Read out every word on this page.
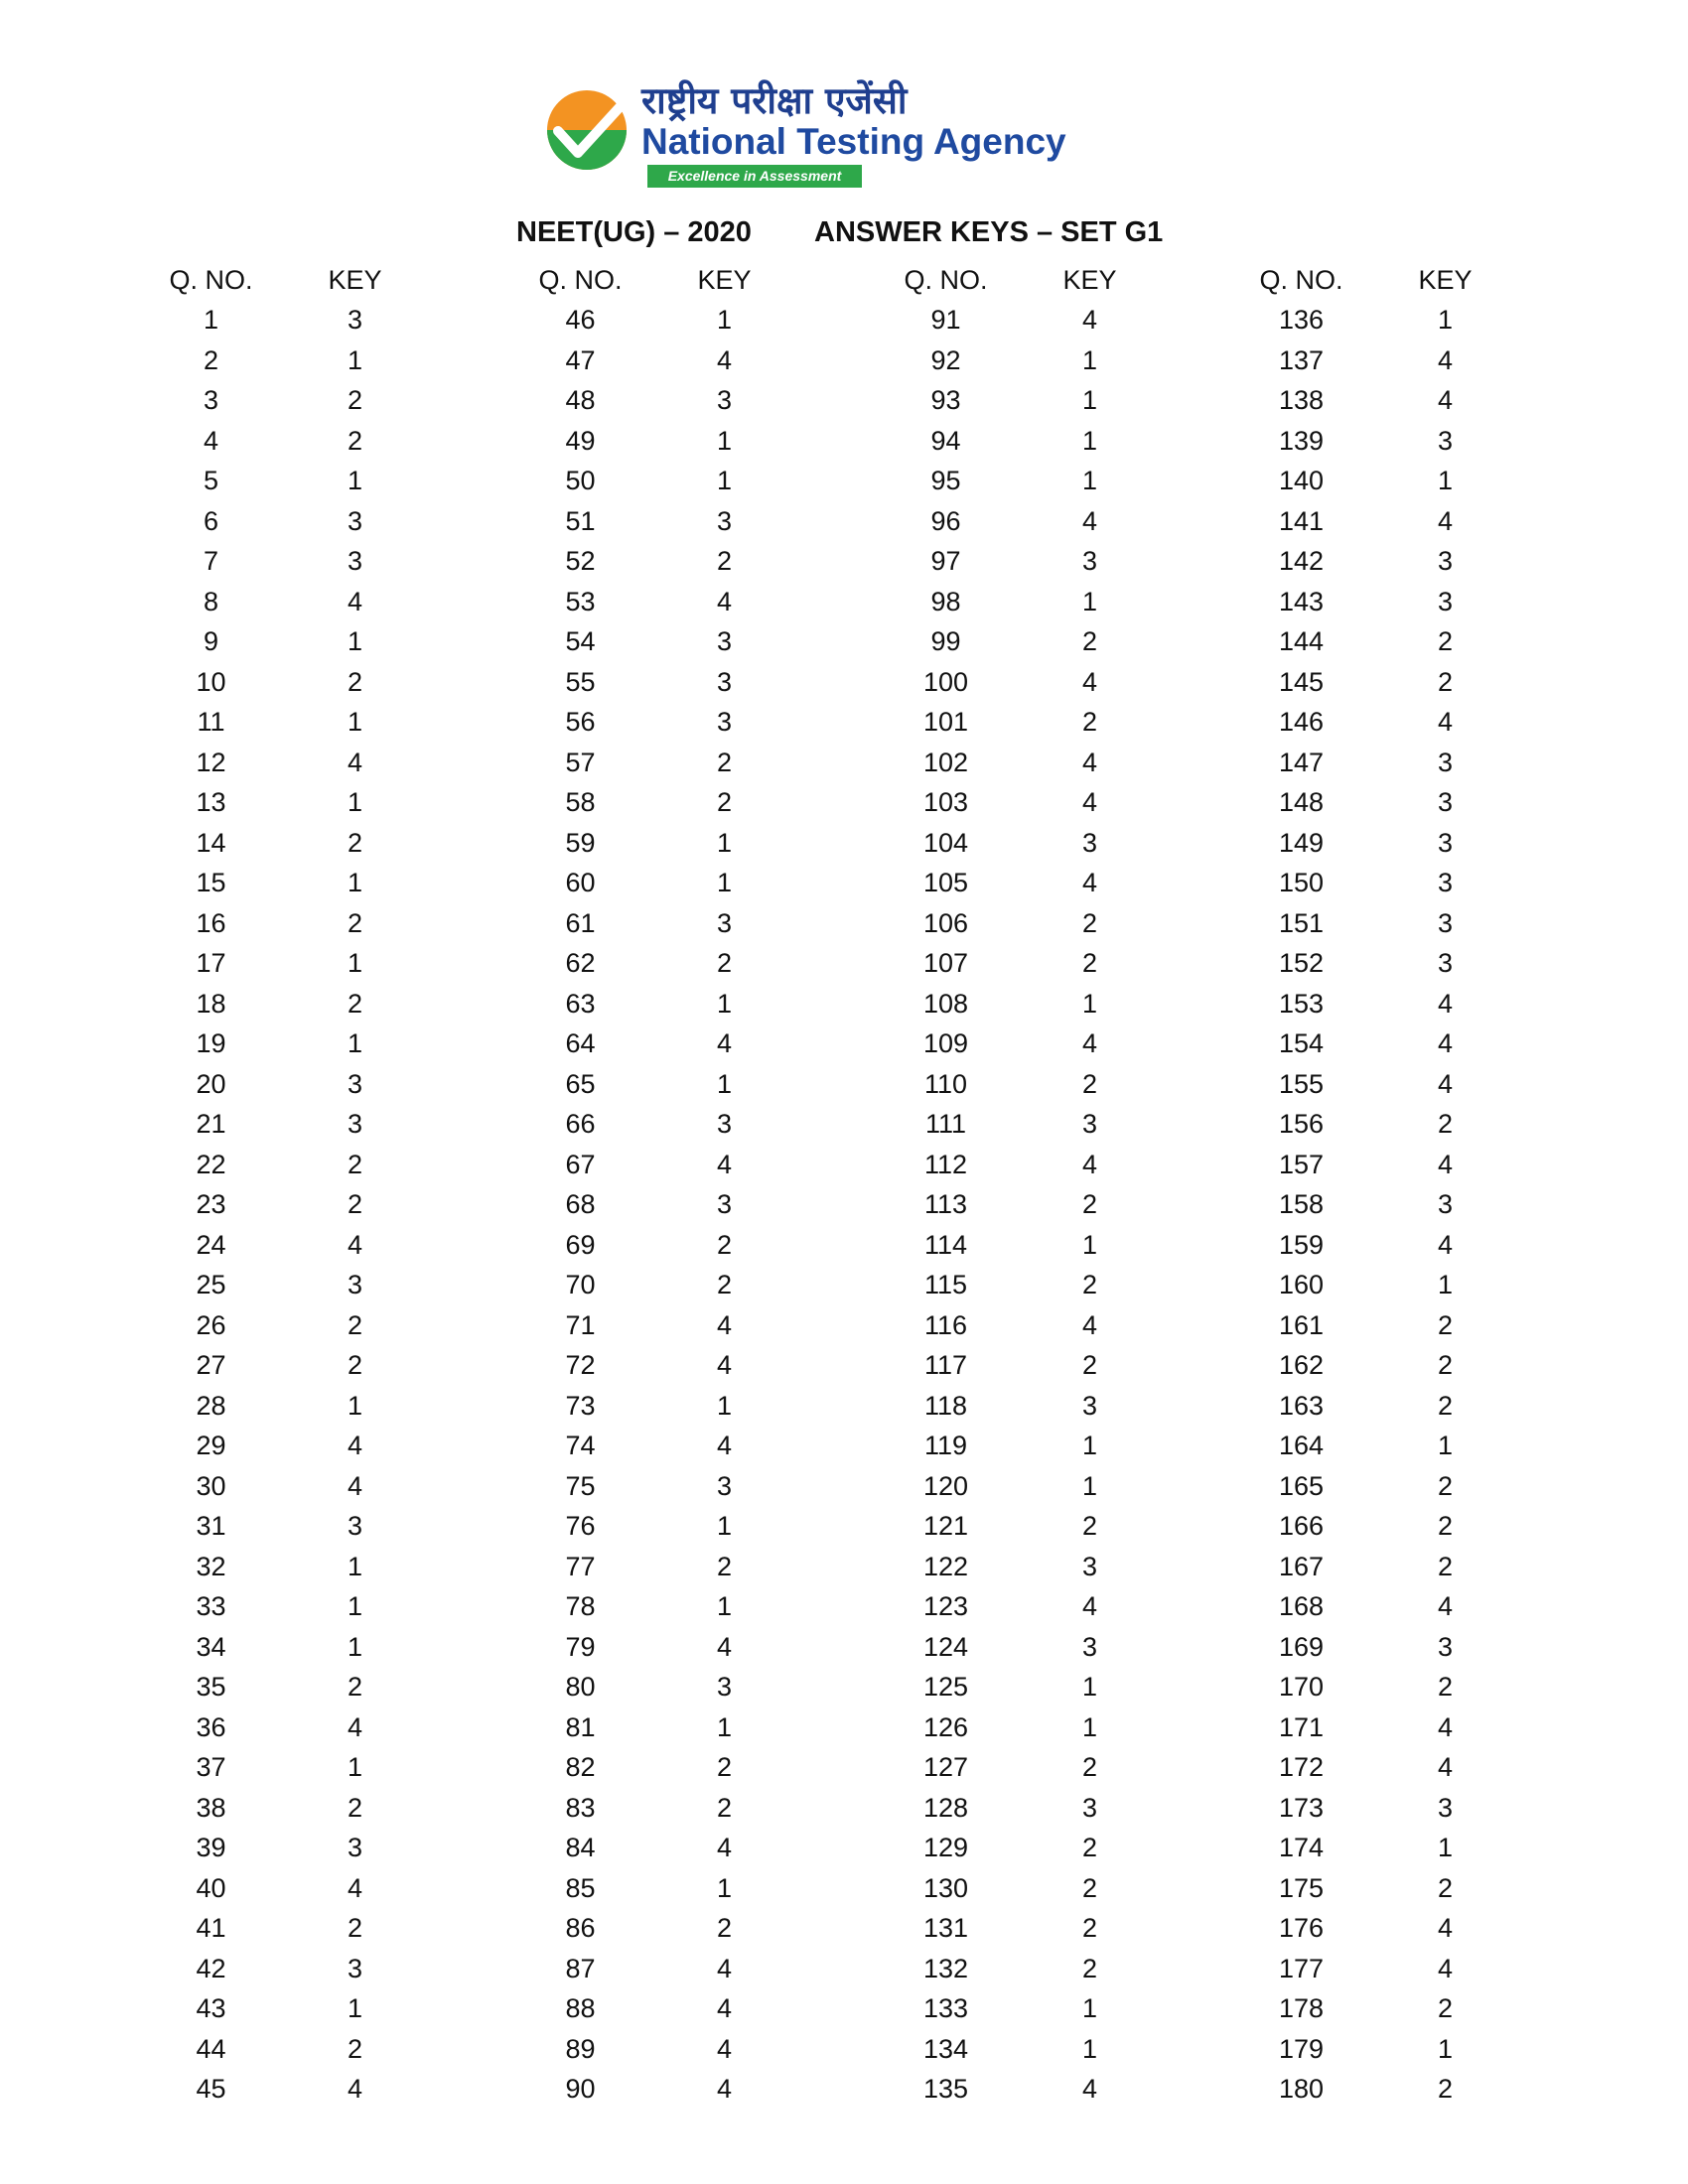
राष्ट्रीय परीक्षा एजेंसी
National Testing Agency
Excellence in Assessment
NEET(UG) – 2020 ANSWER KEYS – SET G1
Q. NO.	KEY
1	3
2	1
3	2
4	2
5	1
6	3
7	3
8	4
9	1
10	2
11	1
12	4
13	1
14	2
15	1
16	2
17	1
18	2
19	1
20	3
21	3
22	2
23	2
24	4
25	3
26	2
27	2
28	1
29	4
30	4
31	3
32	1
33	1
34	1
35	2
36	4
37	1
38	2
39	3
40	4
41	2
42	3
43	1
44	2
45	4
Q. NO.	KEY
46	1
47	4
48	3
49	1
50	1
51	3
52	2
53	4
54	3
55	3
56	3
57	2
58	2
59	1
60	1
61	3
62	2
63	1
64	4
65	1
66	3
67	4
68	3
69	2
70	2
71	4
72	4
73	1
74	4
75	3
76	1
77	2
78	1
79	4
80	3
81	1
82	2
83	2
84	4
85	1
86	2
87	4
88	4
89	4
90	4
Q. NO.	KEY
91	4
92	1
93	1
94	1
95	1
96	4
97	3
98	1
99	2
100	4
101	2
102	4
103	4
104	3
105	4
106	2
107	2
108	1
109	4
110	2
111	3
112	4
113	2
114	1
115	2
116	4
117	2
118	3
119	1
120	1
121	2
122	3
123	4
124	3
125	1
126	1
127	2
128	3
129	2
130	2
131	2
132	2
133	1
134	1
135	4
Q. NO.	KEY
136	1
137	4
138	4
139	3
140	1
141	4
142	3
143	3
144	2
145	2
146	4
147	3
148	3
149	3
150	3
151	3
152	3
153	4
154	4
155	4
156	2
157	4
158	3
159	4
160	1
161	2
162	2
163	2
164	1
165	2
166	2
167	2
168	4
169	3
170	2
171	4
172	4
173	3
174	1
175	2
176	4
177	4
178	2
179	1
180	2
